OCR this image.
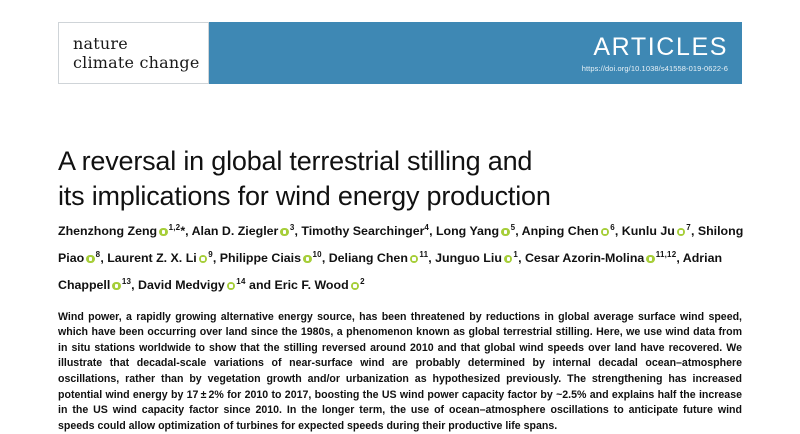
nature
climate change
ARTICLES
https://doi.org/10.1038/s41558-019-0622-6
A reversal in global terrestrial stilling and
its implications for wind energy production
Zhenzhong Zeng $^{1,2}$*, Alan D. Ziegler $^3$, Timothy Searchinger$^4$, Long Yang $^5$, Anping Chen $^6$, Kunlu Ju $^7$, Shilong Piao $^8$, Laurent Z. X. Li $^9$, Philippe Ciais $^{10}$, Deliang Chen $^{11}$, Junguo Liu $^1$, Cesar Azorin-Molina $^{11,12}$, Adrian Chappell $^{13}$, David Medvigy $^{14}$ and Eric F. Wood $^2$

Wind power, a rapidly growing alternative energy source, has been threatened by reductions in global average surface wind speed, which have been occurring over land since the 1980s, a phenomenon known as global terrestrial stilling. Here, we use wind data from in situ stations worldwide to show that the stilling reversed around 2010 and that global wind speeds over land have recovered. We illustrate that decadal-scale variations of near-surface wind are probably determined by internal decadal ocean–atmosphere oscillations, rather than by vegetation growth and/or urbanization as hypothesized previously. The strengthening has increased potential wind energy by 17 ± 2% for 2010 to 2017, boosting the US wind power capacity factor by ~2.5% and explains half the increase in the US wind capacity factor since 2010. In the longer term, the use of ocean–atmosphere oscillations to anticipate future wind speeds could allow optimization of turbines for expected speeds during their productive life spans.
